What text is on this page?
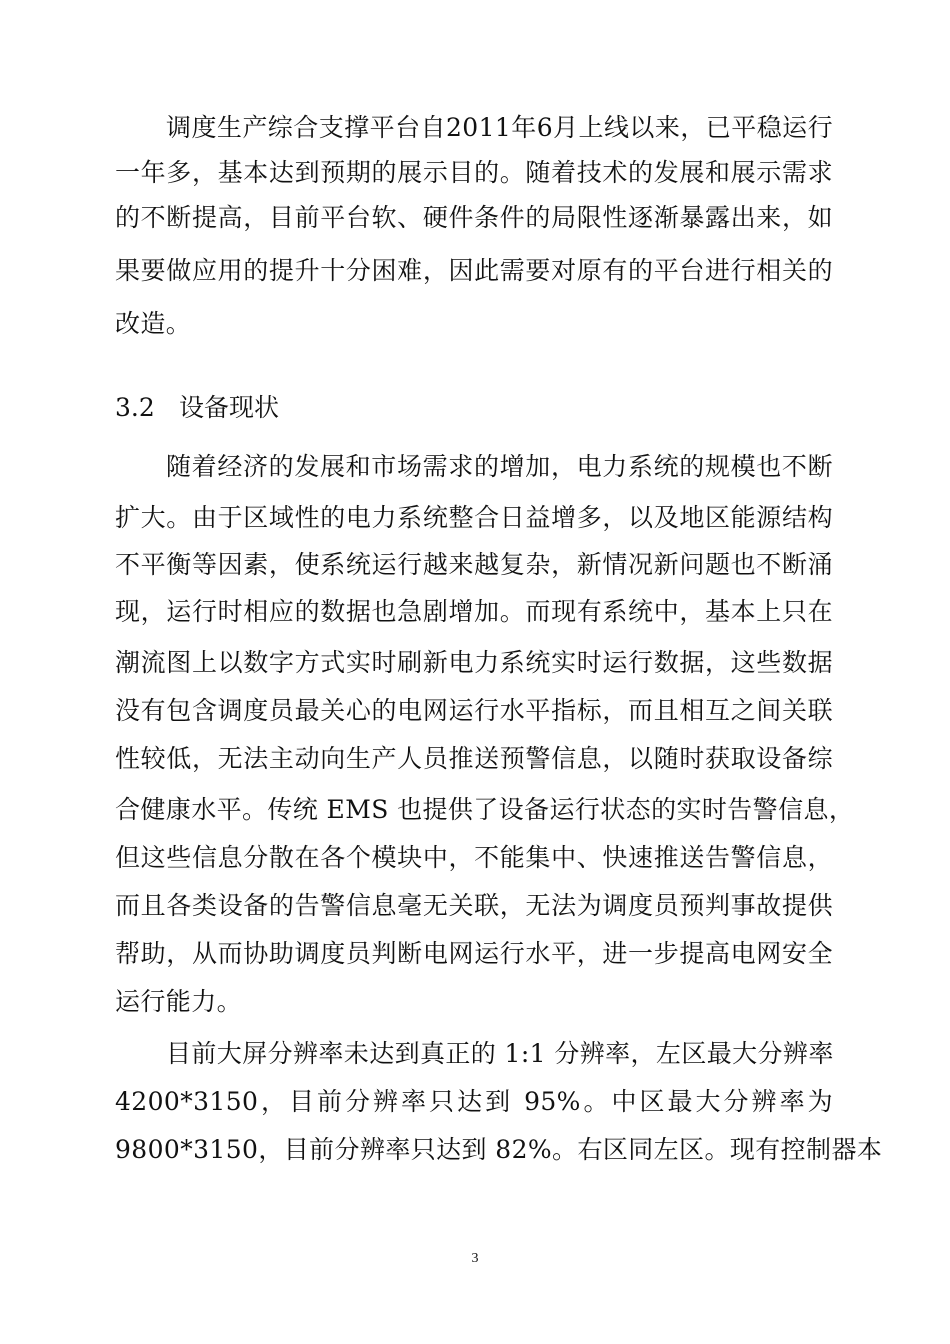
调度生产综合支撑平台自2011年6月上线以来，已平稳运行
一年多，基本达到预期的展示目的。随着技术的发展和展示需求
的不断提高，目前平台软、硬件条件的局限性逐渐暴露出来，如
果要做应用的提升十分困难，因此需要对原有的平台进行相关的
改造。
3.2 设备现状
随着经济的发展和市场需求的增加，电力系统的规模也不断
扩大。由于区域性的电力系统整合日益增多，以及地区能源结构
不平衡等因素，使系统运行越来越复杂，新情况新问题也不断涌
现，运行时相应的数据也急剧增加。而现有系统中，基本上只在
潮流图上以数字方式实时刷新电力系统实时运行数据，这些数据
没有包含调度员最关心的电网运行水平指标，而且相互之间关联
性较低，无法主动向生产人员推送预警信息，以随时获取设备综
合健康水平。传统 EMS 也提供了设备运行状态的实时告警信息，
但这些信息分散在各个模块中，不能集中、快速推送告警信息，
而且各类设备的告警信息毫无关联，无法为调度员预判事故提供
帮助，从而协助调度员判断电网运行水平，进一步提高电网安全
运行能力。
目前大屏分辨率未达到真正的 1:1 分辨率，左区最大分辨率
4200*3150，目前分辨率只达到 95%。中区最大分辨率为
9800*3150，目前分辨率只达到 82%。右区同左区。现有控制器本
3
